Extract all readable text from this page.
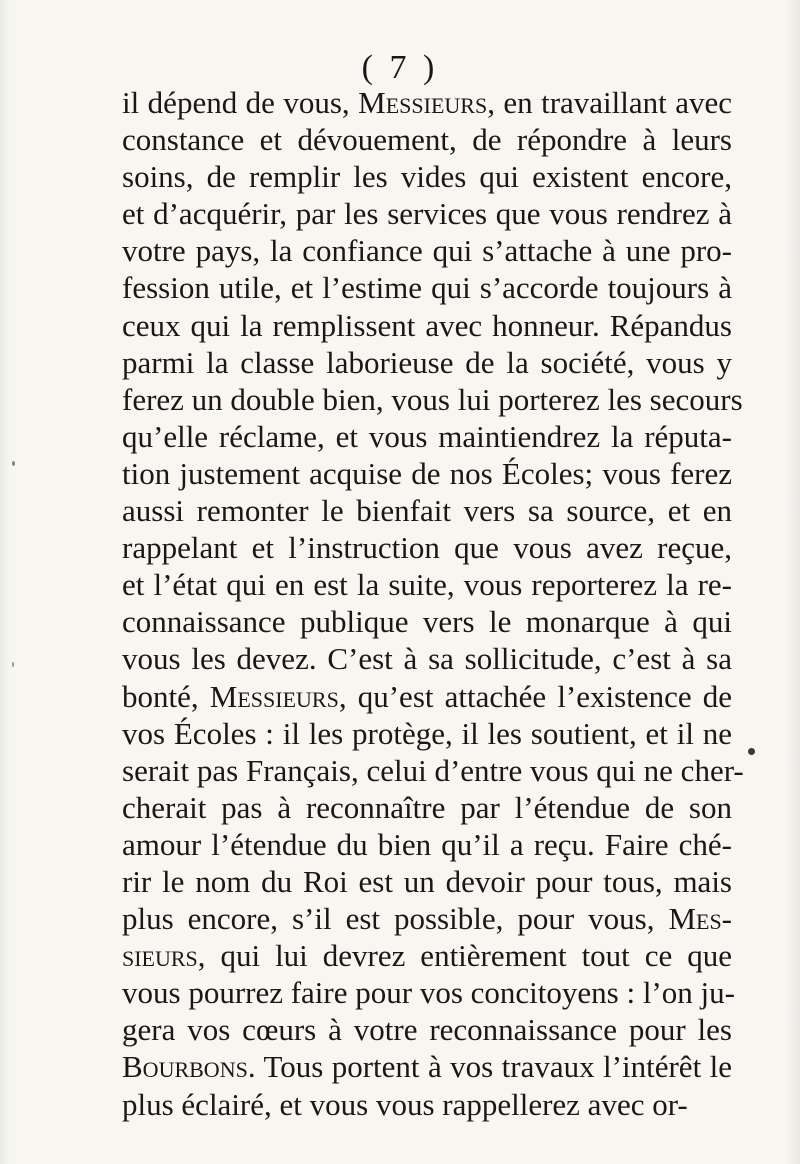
( 7 )
il dépend de vous, Messieurs, en travaillant avec
constance et dévouement, de répondre à leurs
soins, de remplir les vides qui existent encore,
et d’acquérir, par les services que vous rendrez à
votre pays, la confiance qui s’attache à une pro-
fession utile, et l’estime qui s’accorde toujours à
ceux qui la remplissent avec honneur. Répandus
parmi la classe laborieuse de la société, vous y
ferez un double bien, vous lui porterez les secours
qu’elle réclame, et vous maintiendrez la réputa-
tion justement acquise de nos Écoles; vous ferez
aussi remonter le bienfait vers sa source, et en
rappelant et l’instruction que vous avez reçue,
et l’état qui en est la suite, vous reporterez la re-
connaissance publique vers le monarque à qui
vous les devez. C’est à sa sollicitude, c’est à sa
bonté, Messieurs, qu’est attachée l’existence de
vos Écoles : il les protège, il les soutient, et il ne
serait pas Français, celui d’entre vous qui ne cher-
cherait pas à reconnaître par l’étendue de son
amour l’étendue du bien qu’il a reçu. Faire ché-
rir le nom du Roi est un devoir pour tous, mais
plus encore, s’il est possible, pour vous, Mes-
sieurs, qui lui devrez entièrement tout ce que
vous pourrez faire pour vos concitoyens : l’on ju-
gera vos cœurs à votre reconnaissance pour les
Bourbons. Tous portent à vos travaux l’intérêt le
plus éclairé, et vous vous rappellerez avec or-
